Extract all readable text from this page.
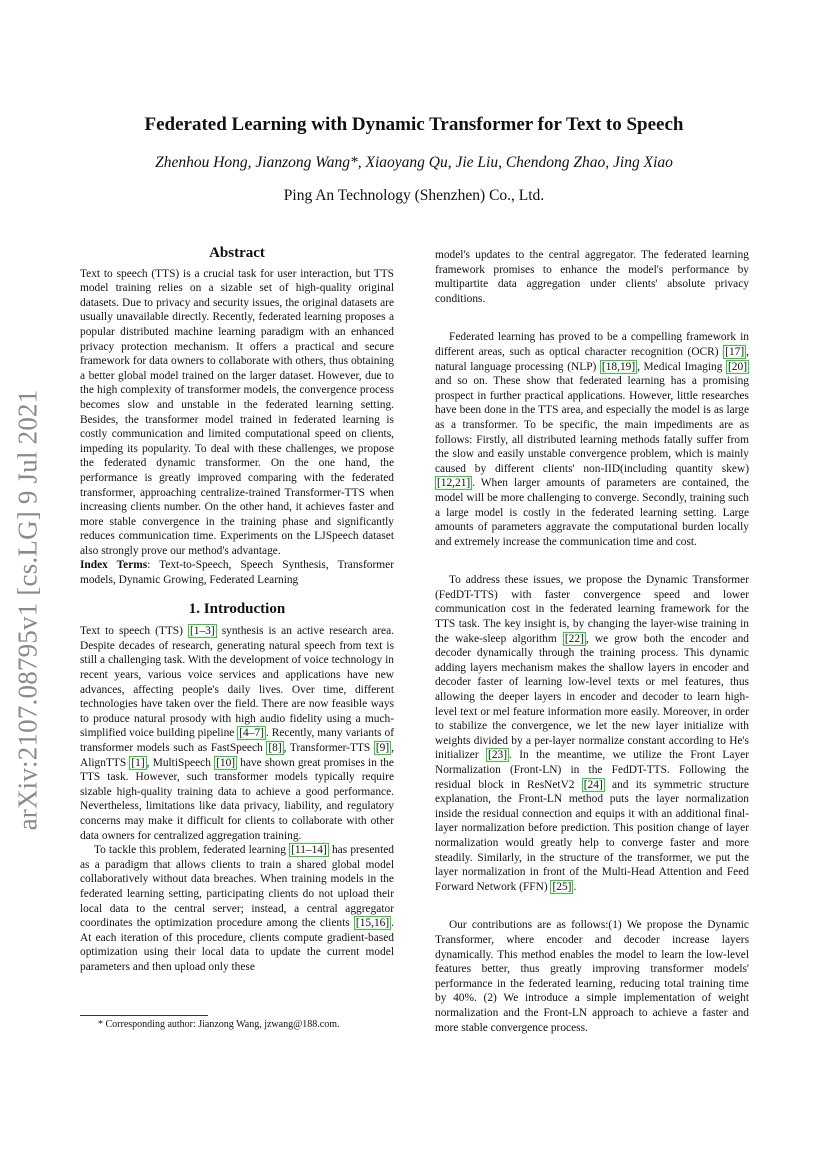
arXiv:2107.08795v1 [cs.LG] 9 Jul 2021
Federated Learning with Dynamic Transformer for Text to Speech
Zhenhou Hong, Jianzong Wang*, Xiaoyang Qu, Jie Liu, Chendong Zhao, Jing Xiao
Ping An Technology (Shenzhen) Co., Ltd.
Abstract

Text to speech (TTS) is a crucial task for user interaction, but TTS model training relies on a sizable set of high-quality original datasets. Due to privacy and security issues, the original datasets are usually unavailable directly. Recently, federated learning proposes a popular distributed machine learning paradigm with an enhanced privacy protection mechanism. It offers a practical and secure framework for data owners to collaborate with others, thus obtaining a better global model trained on the larger dataset. However, due to the high complexity of transformer models, the convergence process becomes slow and unstable in the federated learning setting. Besides, the transformer model trained in federated learning is costly communication and limited computational speed on clients, impeding its popularity. To deal with these challenges, we propose the federated dynamic transformer. On the one hand, the performance is greatly improved comparing with the federated transformer, approaching centralize-trained Transformer-TTS when increasing clients number. On the other hand, it achieves faster and more stable convergence in the training phase and significantly reduces communication time. Experiments on the LJSpeech dataset also strongly prove our method's advantage.

Index Terms: Text-to-Speech, Speech Synthesis, Transformer models, Dynamic Growing, Federated Learning

1. Introduction

Text to speech (TTS) [1–3] synthesis is an active research area. Despite decades of research, generating natural speech from text is still a challenging task. With the development of voice technology in recent years, various voice services and applications have new advances, affecting people's daily lives. Over time, different technologies have taken over the field. There are now feasible ways to produce natural prosody with high audio fidelity using a much-simplified voice building pipeline [4–7] . Recently, many variants of transformer models such as FastSpeech [8] , Transformer-TTS [9] , AlignTTS [1] , MultiSpeech [10] have shown great promises in the TTS task. However, such transformer models typically require sizable high-quality training data to achieve a good performance. Nevertheless, limitations like data privacy, liability, and regulatory concerns may make it difficult for clients to collaborate with other data owners for centralized aggregation training.

To tackle this problem, federated learning [11–14] has presented as a paradigm that allows clients to train a shared global model collaboratively without data breaches. When training models in the federated learning setting, participating clients do not upload their local data to the central server; instead, a central aggregator coordinates the optimization procedure among the clients [15,16] . At each iteration of this procedure, clients compute gradient-based optimization using their local data to update the current model parameters and then upload only these

model's updates to the central aggregator. The federated learning framework promises to enhance the model's performance by multipartite data aggregation under clients' absolute privacy conditions.

Federated learning has proved to be a compelling framework in different areas, such as optical character recognition (OCR) [17] , natural language processing (NLP) [18,19] , Medical Imaging [20] and so on. These show that federated learning has a promising prospect in further practical applications. However, little researches have been done in the TTS area, and especially the model is as large as a transformer. To be specific, the main impediments are as follows: Firstly, all distributed learning methods fatally suffer from the slow and easily unstable convergence problem, which is mainly caused by different clients' non-IID(including quantity skew) [12,21] . When larger amounts of parameters are contained, the model will be more challenging to converge. Secondly, training such a large model is costly in the federated learning setting. Large amounts of parameters aggravate the computational burden locally and extremely increase the communication time and cost.

To address these issues, we propose the Dynamic Transformer (FedDT-TTS) with faster convergence speed and lower communication cost in the federated learning framework for the TTS task. The key insight is, by changing the layer-wise training in the wake-sleep algorithm [22] , we grow both the encoder and decoder dynamically through the training process. This dynamic adding layers mechanism makes the shallow layers in encoder and decoder faster of learning low-level texts or mel features, thus allowing the deeper layers in encoder and decoder to learn high-level text or mel feature information more easily. Moreover, in order to stabilize the convergence, we let the new layer initialize with weights divided by a per-layer normalize constant according to He's initializer [23] . In the meantime, we utilize the Front Layer Normalization (Front-LN) in the FedDT-TTS. Following the residual block in ResNetV2 [24] and its symmetric structure explanation, the Front-LN method puts the layer normalization inside the residual connection and equips it with an additional final-layer normalization before prediction. This position change of layer normalization would greatly help to converge faster and more steadily. Similarly, in the structure of the transformer, we put the layer normalization in front of the Multi-Head Attention and Feed Forward Network (FFN) [25] .

Our contributions are as follows:(1) We propose the Dynamic Transformer, where encoder and decoder increase layers dynamically. This method enables the model to learn the low-level features better, thus greatly improving transformer models' performance in the federated learning, reducing total training time by 40%. (2) We introduce a simple implementation of weight normalization and the Front-LN approach to achieve a faster and more stable convergence process.

* Corresponding author: Jianzong Wang, jzwang@188.com.
